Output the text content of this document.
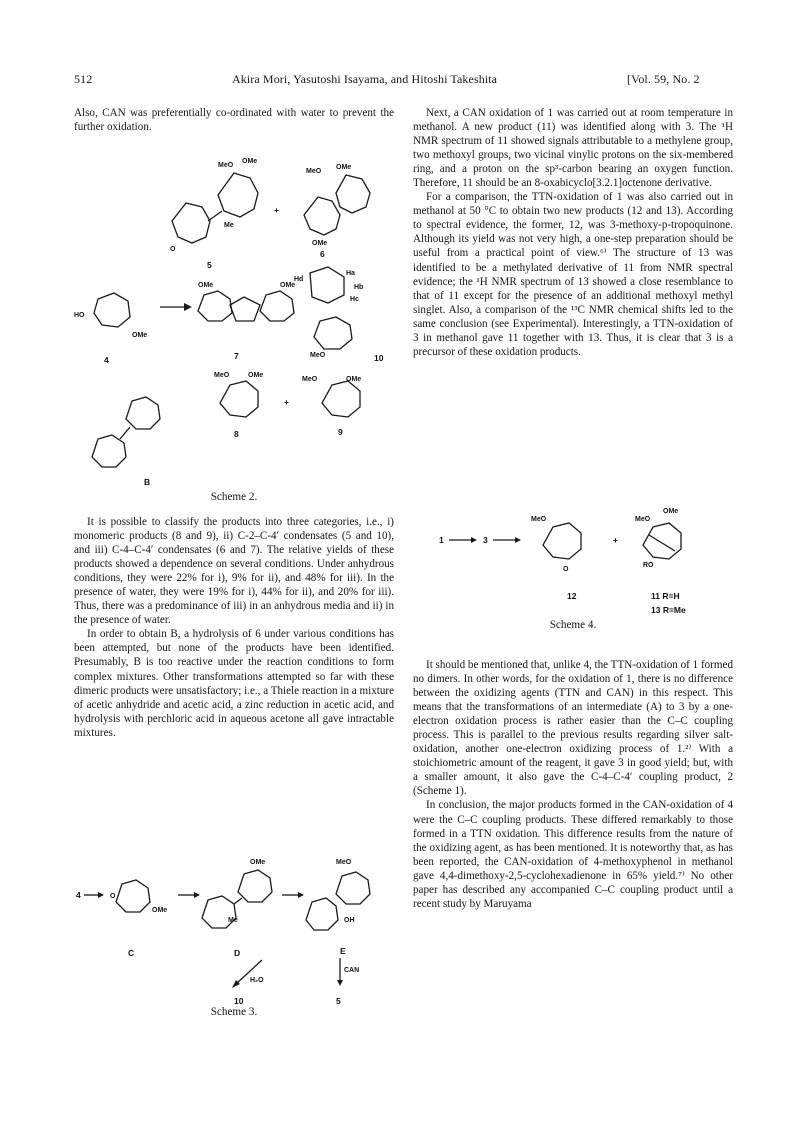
512	Akira Mori, Yasutoshi Isayama, and Hitoshi Takeshita	[Vol. 59, No. 2

Also, CAN was preferentially co-ordinated with water to prevent the further oxidation.

MeO
OMe
Me
O
5
+
MeO
OMe
OMe
6
HO
OMe
4
OMe	OMe
7
Hd
Ha
Hb
Hc
MeO	10
MeO	OMe
8
+
MeO	OMe
9
B
Scheme 2.

It is possible to classify the products into three categories, i.e., i) monomeric products (8 and 9), ii) C-2–C-4′ condensates (5 and 10), and iii) C-4–C-4′ condensates (6 and 7). The relative yields of these products showed a dependence on several conditions. Under anhydrous conditions, they were 22% for i), 9% for ii), and 48% for iii). In the presence of water, they were 19% for i), 44% for ii), and 20% for iii). Thus, there was a predominance of iii) in an anhydrous media and ii) in the presence of water.

In order to obtain B, a hydrolysis of 6 under various conditions has been attempted, but none of the products have been identified. Presumably, B is too reactive under the reaction conditions to form complex mixtures. Other transformations attempted so far with these dimeric products were unsatisfactory; i.e., a Thiele reaction in a mixture of acetic anhydride and acetic acid, a zinc reduction in acetic acid, and hydrolysis with perchloric acid in aqueous acetone all gave intractable mixtures.

4	O
OMe
C
OMe
Me
D
MeO
OH
E
H₂O
CAN
10	5
Scheme 3.

Next, a CAN oxidation of 1 was carried out at room temperature in methanol. A new product (11) was identified along with 3. The ¹H NMR spectrum of 11 showed signals attributable to a methylene group, two methoxyl groups, two vicinal vinylic protons on the six-membered ring, and a proton on the sp³-carbon bearing an oxygen function. Therefore, 11 should be an 8-oxabicyclo[3.2.1]octenone derivative.

For a comparison, the TTN-oxidation of 1 was also carried out in methanol at 50 °C to obtain two new products (12 and 13). According to spectral evidence, the former, 12, was 3-methoxy-p-tropoquinone. Although its yield was not very high, a one-step preparation should be useful from a practical point of view.⁶⁾ The structure of 13 was identified to be a methylated derivative of 11 from NMR spectral evidence; the ¹H NMR spectrum of 13 showed a close resemblance to that of 11 except for the presence of an additional methoxyl methyl singlet. Also, a comparison of the ¹³C NMR chemical shifts led to the same conclusion (see Experimental). Interestingly, a TTN-oxidation of 3 in methanol gave 11 together with 13. Thus, it is clear that 3 is a precursor of these oxidation products.

1	3
MeO
O
12
+
MeO
OMe
RO
11 R=H
13 R=Me
Scheme 4.

It should be mentioned that, unlike 4, the TTN-oxidation of 1 formed no dimers. In other words, for the oxidation of 1, there is no difference between the oxidizing agents (TTN and CAN) in this respect. This means that the transformations of an intermediate (A) to 3 by a one-electron oxidation process is rather easier than the C–C coupling process. This is parallel to the previous results regarding silver salt-oxidation, another one-electron oxidizing process of 1.²⁾ With a stoichiometric amount of the reagent, it gave 3 in good yield; but, with a smaller amount, it also gave the C-4–C-4′ coupling product, 2 (Scheme 1).

In conclusion, the major products formed in the CAN-oxidation of 4 were the C–C coupling products. These differed remarkably to those formed in a TTN oxidation. This difference results from the nature of the oxidizing agent, as has been mentioned. It is noteworthy that, as has been reported, the CAN-oxidation of 4-methoxyphenol in methanol gave 4,4-dimethoxy-2,5-cyclohexadienone in 65% yield.⁷⁾ No other paper has described any accompanied C–C coupling product until a recent study by Maruyama
